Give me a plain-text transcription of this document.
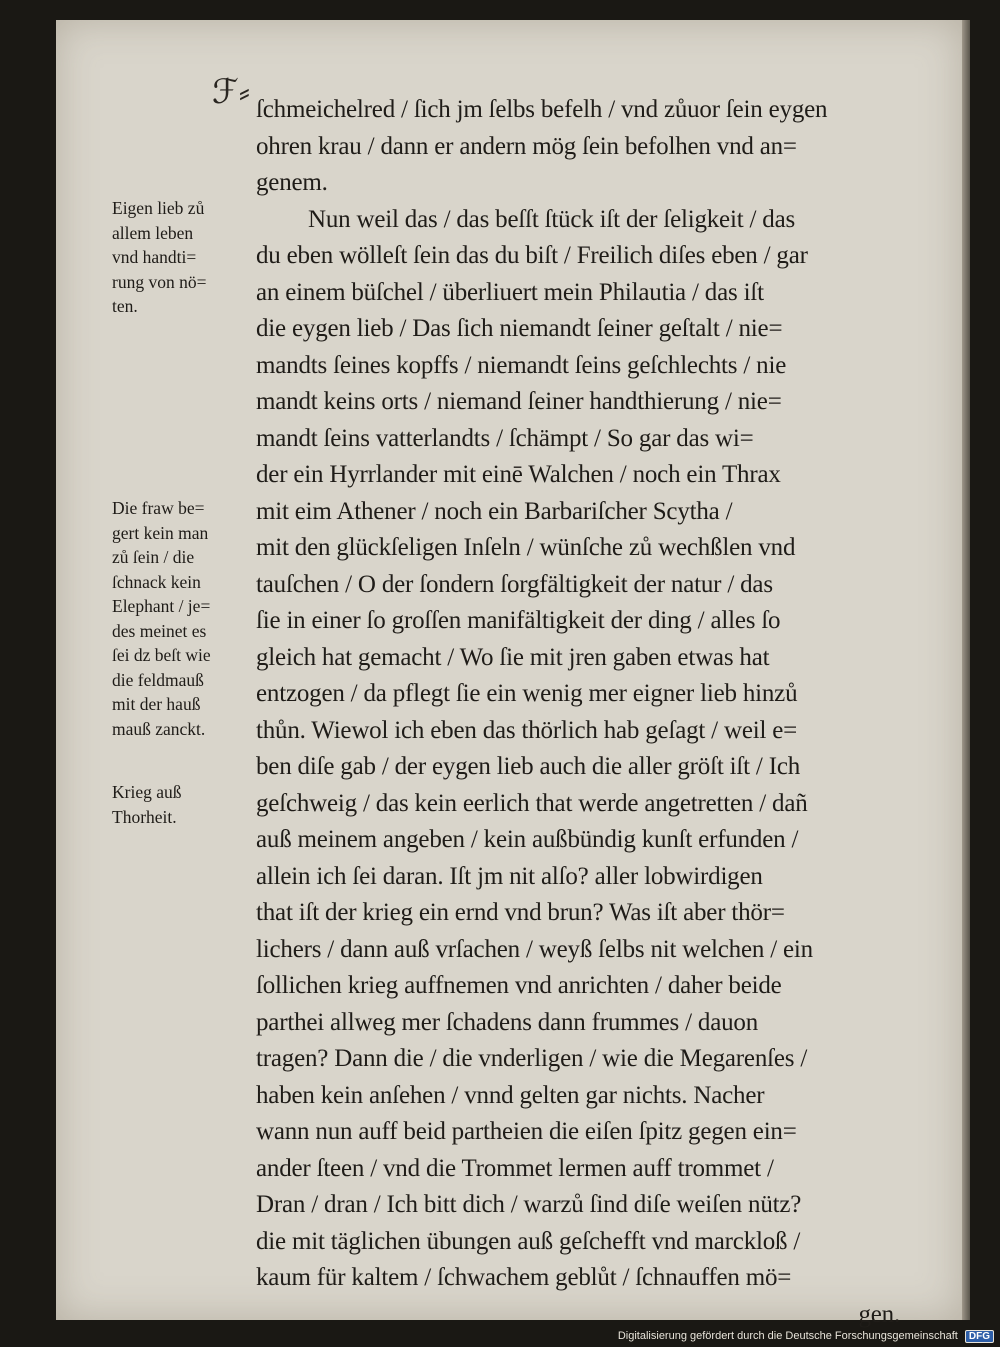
ℱ⸗ ſchmeichelred / ſich jm ſelbs befelh / vnd zůuor ſein eygen
ohren krau / dann er andern mög ſein befolhen vnd an=
genem.
Nun weil das / das beſſt ſtück iſt der ſeligkeit / das
du eben wölleſt ſein das du biſt / Freilich diſes eben / gar
an einem büſchel / überliuert mein Philautia / das iſt
die eygen lieb / Das ſich niemandt ſeiner geſtalt / nie=
mandts ſeines kopffs / niemandt ſeins geſchlechts / nie
mandt keins orts / niemand ſeiner handthierung / nie=
mandt ſeins vatterlandts / ſchämpt / So gar das wi=
der ein Hyrrlander mit einē Walchen / noch ein Thrax
mit eim Athener / noch ein Barbariſcher Scytha /
mit den glückſeligen Inſeln / wünſche zů wechßlen vnd
tauſchen / O der ſondern ſorgfältigkeit der natur / das
ſie in einer ſo groſſen manifältigkeit der ding / alles ſo
gleich hat gemacht / Wo ſie mit jren gaben etwas hat
entzogen / da pflegt ſie ein wenig mer eigner lieb hinzů
thůn. Wiewol ich eben das thörlich hab geſagt / weil e=
ben diſe gab / der eygen lieb auch die aller gröſt iſt / Ich
geſchweig / das kein eerlich that werde angetretten / dañ
auß meinem angeben / kein außbündig kunſt erfunden /
allein ich ſei daran. Iſt jm nit alſo? aller lobwirdigen
that iſt der krieg ein ernd vnd brun? Was iſt aber thör=
lichers / dann auß vrſachen / weyß ſelbs nit welchen / ein
ſollichen krieg auffnemen vnd anrichten / daher beide
parthei allweg mer ſchadens dann frummes / dauon
tragen? Dann die / die vnderligen / wie die Megarenſes /
haben kein anſehen / vnnd gelten gar nichts. Nacher
wann nun auff beid partheien die eiſen ſpitz gegen ein=
ander ſteen / vnd die Trommet lermen auff trommet /
Dran / dran / Ich bitt dich / warzů ſind diſe weiſen nütz?
die mit täglichen übungen auß geſchefft vnd marckloß /
kaum für kaltem / ſchwachem geblůt / ſchnauffen mö=
gen.
Eigen lieb zů
allem leben
vnd handti=
rung von nö=
ten.
Die fraw be=
gert kein man
zů ſein / die
ſchnack kein
Elephant / je=
des meinet es
ſei dz beſt wie
die feldmauß
mit der hauß
mauß zanckt.
Krieg auß
Thorheit.
Digitalisierung gefördert durch die Deutsche Forschungsgemeinschaft DFG
